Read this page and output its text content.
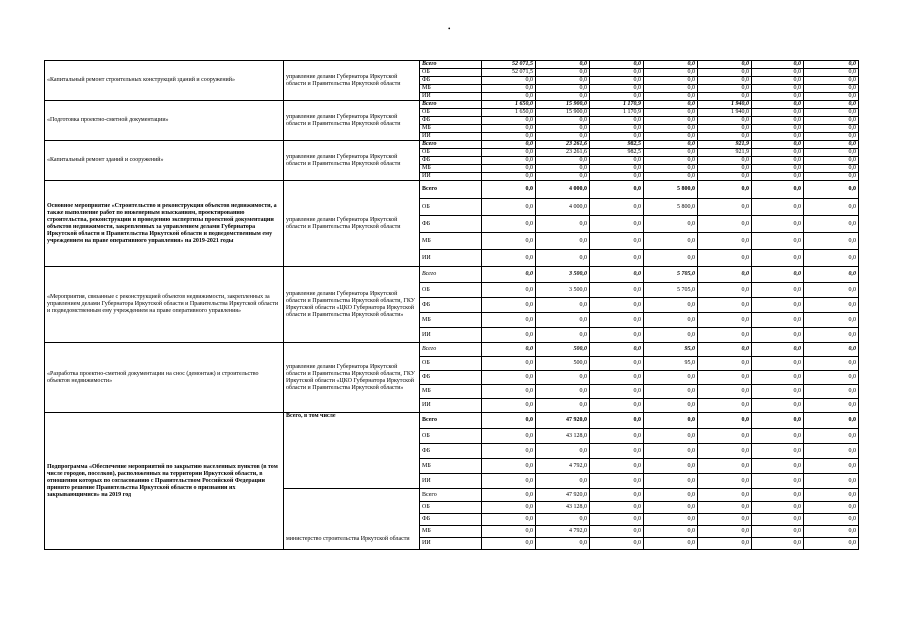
•
«Капитальный ремонт строительных конструкций зданий и сооружений»	управление делами Губернатора Иркутской области и Правительства Иркутской области	Всего	52 071,5	0,0	0,0	0,0	0,0	0,0	0,0
		ОБ	52 071,5	0,0	0,0	0,0	0,0	0,0	0,0
		ФБ	0,0	0,0	0,0	0,0	0,0	0,0	0,0
		МБ	0,0	0,0	0,0	0,0	0,0	0,0	0,0
		ИИ	0,0	0,0	0,0	0,0	0,0	0,0	0,0
«Подготовка проектно-сметной документации»	управление делами Губернатора Иркутской области и Правительства Иркутской области	Всего	1 650,0	15 900,0	1 170,9	0,0	1 940,0	0,0	0,0
		ОБ	1 650,0	15 900,0	1 170,9	0,0	1 940,0	0,0	0,0
		ФБ	0,0	0,0	0,0	0,0	0,0	0,0	0,0
		МБ	0,0	0,0	0,0	0,0	0,0	0,0	0,0
		ИИ	0,0	0,0	0,0	0,0	0,0	0,0	0,0
«Капитальный ремонт зданий и сооружений»	управление делами Губернатора Иркутской области и Правительства Иркутской области	Всего	0,0	23 261,6	982,5	0,0	921,9	0,0	0,0
		ОБ	0,0	23 261,6	982,5	0,0	921,9	0,0	0,0
		ФБ	0,0	0,0	0,0	0,0	0,0	0,0	0,0
		МБ	0,0	0,0	0,0	0,0	0,0	0,0	0,0
		ИИ	0,0	0,0	0,0	0,0	0,0	0,0	0,0
Основное мероприятие «Строительство и реконструкция объектов недвижимости, а также выполнение работ по инженерным изысканиям, проектированию строительства, реконструкции и проведению экспертизы проектной документации объектов недвижимости, закрепленных за управлением делами Губернатора Иркутской области и Правительства Иркутской области и подведомственным ему учреждением на праве оперативного управления» на 2019-2021 годы	управление делами Губернатора Иркутской области и Правительства Иркутской области	Всего	0,0	4 000,0	0,0	5 800,0	0,0	0,0	0,0
		ОБ	0,0	4 000,0	0,0	5 800,0	0,0	0,0	0,0
		ФБ	0,0	0,0	0,0	0,0	0,0	0,0	0,0
		МБ	0,0	0,0	0,0	0,0	0,0	0,0	0,0
		ИИ	0,0	0,0	0,0	0,0	0,0	0,0	0,0
«Мероприятия, связанные с реконструкцией объектов недвижимости, закрепленных за управлением делами Губернатора Иркутской области и Правительства Иркутской области и подведомственным ему учреждением на праве оперативного управления»	управление делами Губернатора Иркутской области и Правительства Иркутской области, ГКУ Иркутской области «ЦКО Губернатора Иркутской области и Правительства Иркутской области»	Всего	0,0	3 500,0	0,0	5 705,0	0,0	0,0	0,0
		ОБ	0,0	3 500,0	0,0	5 705,0	0,0	0,0	0,0
		ФБ	0,0	0,0	0,0	0,0	0,0	0,0	0,0
		МБ	0,0	0,0	0,0	0,0	0,0	0,0	0,0
		ИИ	0,0	0,0	0,0	0,0	0,0	0,0	0,0
«Разработка проектно-сметной документации на снос (демонтаж) и строительство объектов недвижимости»	управление делами Губернатора Иркутской области и Правительства Иркутской области, ГКУ Иркутской области «ЦКО Губернатора Иркутской области и Правительства Иркутской области»	Всего	0,0	500,0	0,0	95,0	0,0	0,0	0,0
		ОБ	0,0	500,0	0,0	95,0	0,0	0,0	0,0
		ФБ	0,0	0,0	0,0	0,0	0,0	0,0	0,0
		МБ	0,0	0,0	0,0	0,0	0,0	0,0	0,0
		ИИ	0,0	0,0	0,0	0,0	0,0	0,0	0,0
Подпрограмма «Обеспечение мероприятий по закрытию населенных пунктов (в том числе городов, поселков), расположенных на территории Иркутской области, в отношении которых по согласованию с Правительством Российской Федерации принято решение Правительства Иркутской области о признании их закрывающимися» на 2019 год	Всего, в том числе	Всего	0,0	47 920,0	0,0	0,0	0,0	0,0	0,0
		ОБ	0,0	43 128,0	0,0	0,0	0,0	0,0	0,0
		ФБ	0,0	0,0	0,0	0,0	0,0	0,0	0,0
		МБ	0,0	4 792,0	0,0	0,0	0,0	0,0	0,0
		ИИ	0,0	0,0	0,0	0,0	0,0	0,0	0,0
	министерство строительства Иркутской области	Всего	0,0	47 920,0	0,0	0,0	0,0	0,0	0,0
		ОБ	0,0	43 128,0	0,0	0,0	0,0	0,0	0,0
		ФБ	0,0	0,0	0,0	0,0	0,0	0,0	0,0
		МБ	0,0	4 792,0	0,0	0,0	0,0	0,0	0,0
		ИИ	0,0	0,0	0,0	0,0	0,0	0,0	0,0
